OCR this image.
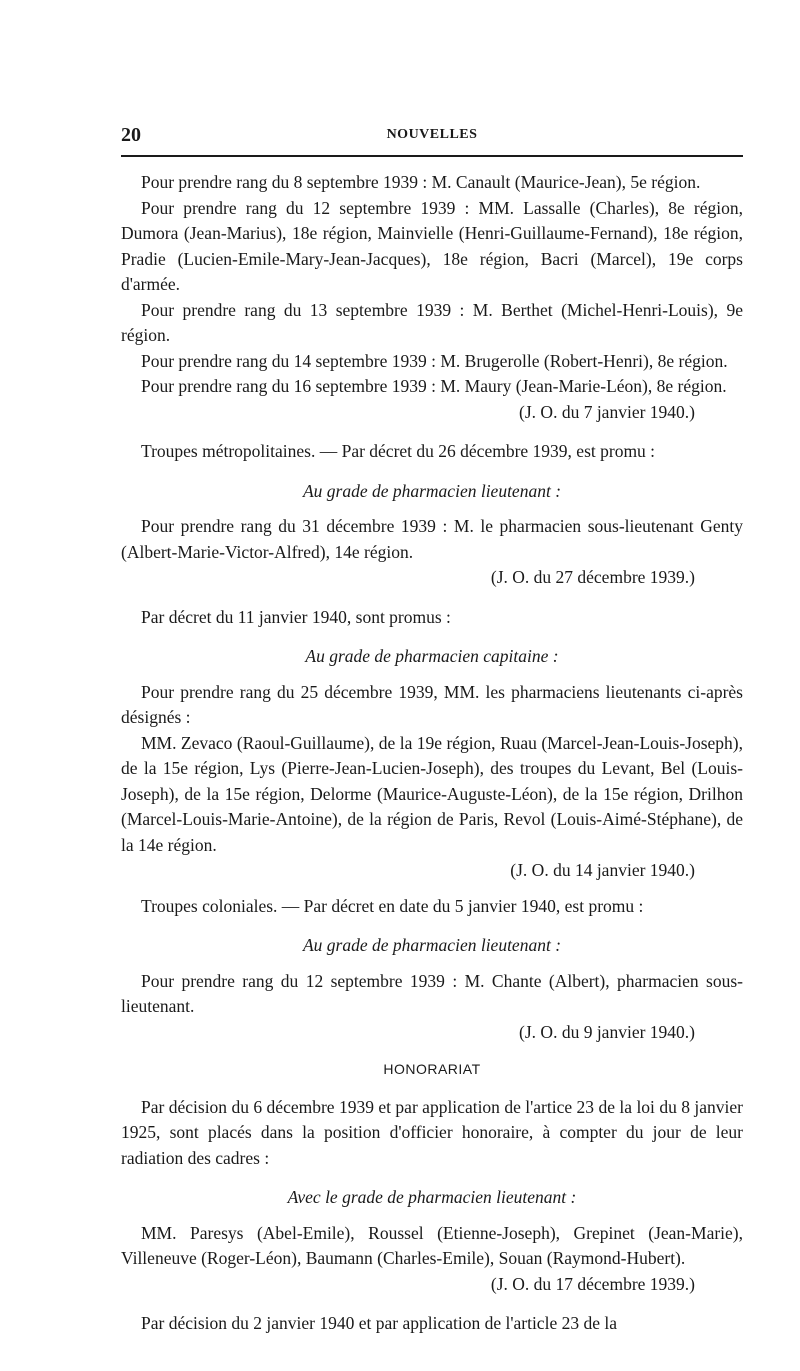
20	NOUVELLES

Pour prendre rang du 8 septembre 1939 : M. Canault (Maurice-Jean), 5e région.

Pour prendre rang du 12 septembre 1939 : MM. Lassalle (Charles), 8e région, Dumora (Jean-Marius), 18e région, Mainvielle (Henri-Guillaume-Fernand), 18e région, Pradie (Lucien-Emile-Mary-Jean-Jacques), 18e région, Bacri (Marcel), 19e corps d'armée.

Pour prendre rang du 13 septembre 1939 : M. Berthet (Michel-Henri-Louis), 9e région.

Pour prendre rang du 14 septembre 1939 : M. Brugerolle (Robert-Henri), 8e région.

Pour prendre rang du 16 septembre 1939 : M. Maury (Jean-Marie-Léon), 8e région.

(J. O. du 7 janvier 1940.)

Troupes métropolitaines. — Par décret du 26 décembre 1939, est promu :

Au grade de pharmacien lieutenant :

Pour prendre rang du 31 décembre 1939 : M. le pharmacien sous-lieutenant Genty (Albert-Marie-Victor-Alfred), 14e région.

(J. O. du 27 décembre 1939.)

Par décret du 11 janvier 1940, sont promus :

Au grade de pharmacien capitaine :

Pour prendre rang du 25 décembre 1939, MM. les pharmaciens lieutenants ci-après désignés :

MM. Zevaco (Raoul-Guillaume), de la 19e région, Ruau (Marcel-Jean-Louis-Joseph), de la 15e région, Lys (Pierre-Jean-Lucien-Joseph), des troupes du Levant, Bel (Louis-Joseph), de la 15e région, Delorme (Maurice-Auguste-Léon), de la 15e région, Drilhon (Marcel-Louis-Marie-Antoine), de la région de Paris, Revol (Louis-Aimé-Stéphane), de la 14e région.

(J. O. du 14 janvier 1940.)

Troupes coloniales. — Par décret en date du 5 janvier 1940, est promu :

Au grade de pharmacien lieutenant :

Pour prendre rang du 12 septembre 1939 : M. Chante (Albert), pharmacien sous-lieutenant.

(J. O. du 9 janvier 1940.)

HONORARIAT

Par décision du 6 décembre 1939 et par application de l'artice 23 de la loi du 8 janvier 1925, sont placés dans la position d'officier honoraire, à compter du jour de leur radiation des cadres :

Avec le grade de pharmacien lieutenant :

MM. Paresys (Abel-Emile), Roussel (Etienne-Joseph), Grepinet (Jean-Marie), Villeneuve (Roger-Léon), Baumann (Charles-Emile), Souan (Raymond-Hubert).

(J. O. du 17 décembre 1939.)

Par décision du 2 janvier 1940 et par application de l'article 23 de la
